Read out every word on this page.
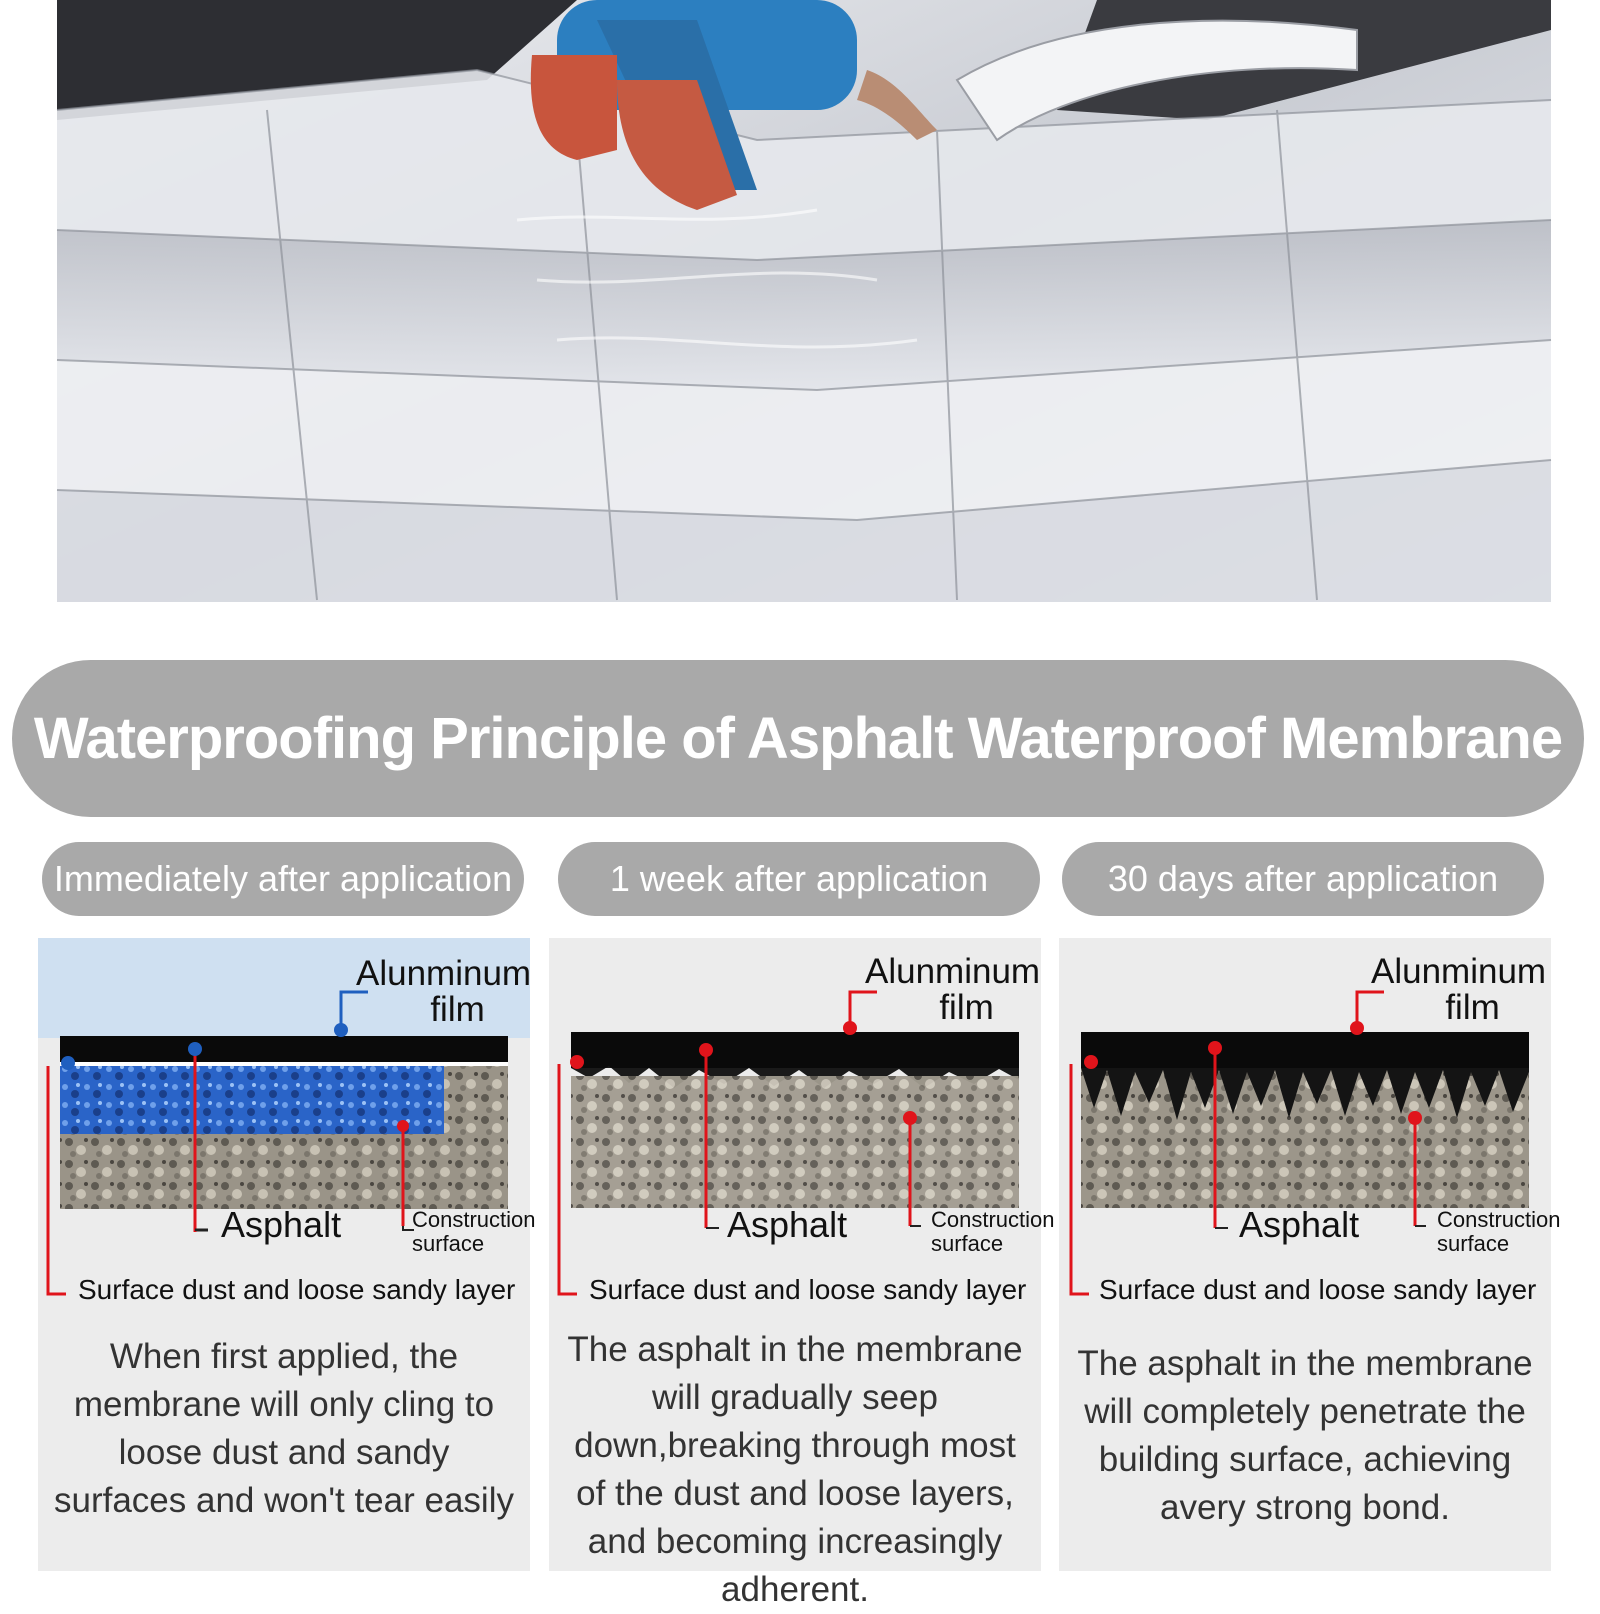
Waterproofing Principle of Asphalt Waterproof Membrane
Immediately after application	1 week after application	30 days after application
Alunminum
film
Asphalt	Construction
surface
Surface dust and loose sandy layer
When first applied, the membrane will only cling to loose dust and sandy surfaces and won't tear easily
Alunminum
film
Asphalt	Construction
surface
Surface dust and loose sandy layer
The asphalt in the membrane will gradually seep down,breaking through most of the dust and loose layers, and becoming increasingly adherent.
Alunminum
film
Asphalt	Construction
surface
Surface dust and loose sandy layer
The asphalt in the membrane will completely penetrate the building surface, achieving avery strong bond.
